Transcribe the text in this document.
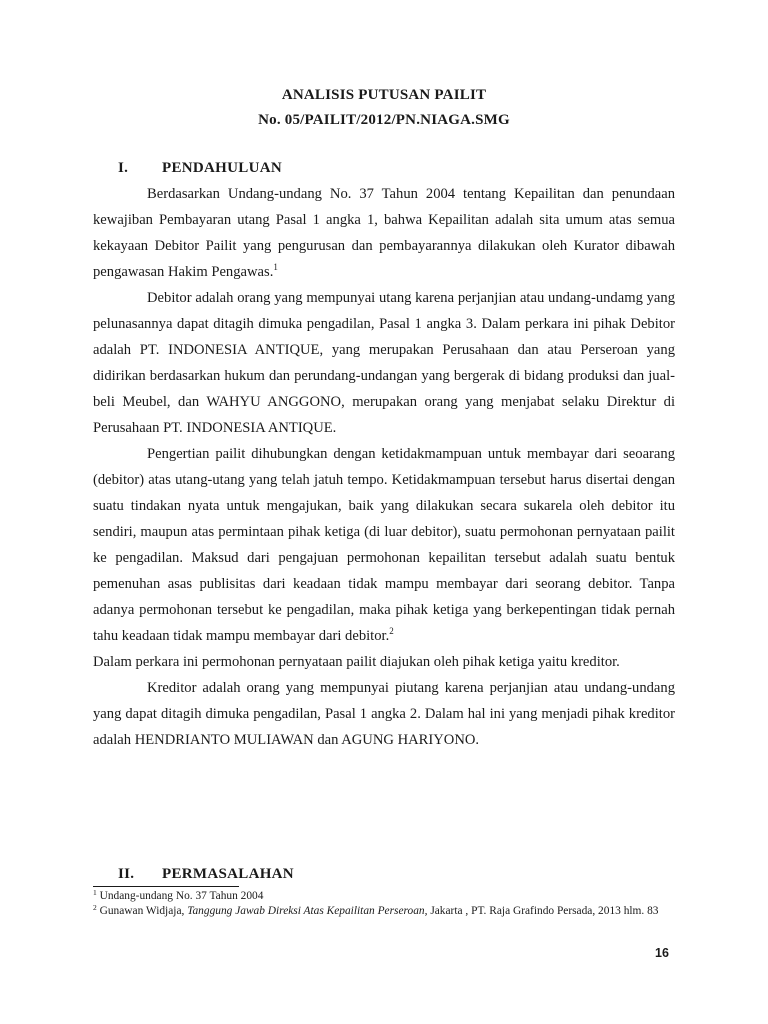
ANALISIS PUTUSAN PAILIT
No. 05/PAILIT/2012/PN.NIAGA.SMG
I. PENDAHULUAN

Berdasarkan Undang-undang No. 37 Tahun 2004 tentang Kepailitan dan penundaan kewajiban Pembayaran utang Pasal 1 angka 1, bahwa Kepailitan adalah sita umum atas semua kekayaan Debitor Pailit yang pengurusan dan pembayarannya dilakukan oleh Kurator dibawah pengawasan Hakim Pengawas.$^1$

Debitor adalah orang yang mempunyai utang karena perjanjian atau undang-undamg yang pelunasannya dapat ditagih dimuka pengadilan, Pasal 1 angka 3. Dalam perkara ini pihak Debitor adalah PT. INDONESIA ANTIQUE, yang merupakan Perusahaan dan atau Perseroan yang didirikan berdasarkan hukum dan perundang-undangan yang bergerak di bidang produksi dan jual-beli Meubel, dan WAHYU ANGGONO, merupakan orang yang menjabat selaku Direktur di Perusahaan PT. INDONESIA ANTIQUE.

Pengertian pailit dihubungkan dengan ketidakmampuan untuk membayar dari seoarang (debitor) atas utang-utang yang telah jatuh tempo. Ketidakmampuan tersebut harus disertai dengan suatu tindakan nyata untuk mengajukan, baik yang dilakukan secara sukarela oleh debitor itu sendiri, maupun atas permintaan pihak ketiga (di luar debitor), suatu permohonan pernyataan pailit ke pengadilan. Maksud dari pengajuan permohonan kepailitan tersebut adalah suatu bentuk pemenuhan asas publisitas dari keadaan tidak mampu membayar dari seorang debitor. Tanpa adanya permohonan tersebut ke pengadilan, maka pihak ketiga yang berkepentingan tidak pernah tahu keadaan tidak mampu membayar dari debitor.$^2$

Dalam perkara ini permohonan pernyataan pailit diajukan oleh pihak ketiga yaitu kreditor.

Kreditor adalah orang yang mempunyai piutang karena perjanjian atau undang-undang yang dapat ditagih dimuka pengadilan, Pasal 1 angka 2. Dalam hal ini yang menjadi pihak kreditor adalah HENDRIANTO MULIAWAN dan AGUNG HARIYONO.

II. PERMASALAHAN
$^1$ Undang-undang No. 37 Tahun 2004
$^2$ Gunawan Widjaja, Tanggung Jawab Direksi Atas Kepailitan Perseroan, Jakarta , PT. Raja Grafindo Persada, 2013 hlm. 83
16
